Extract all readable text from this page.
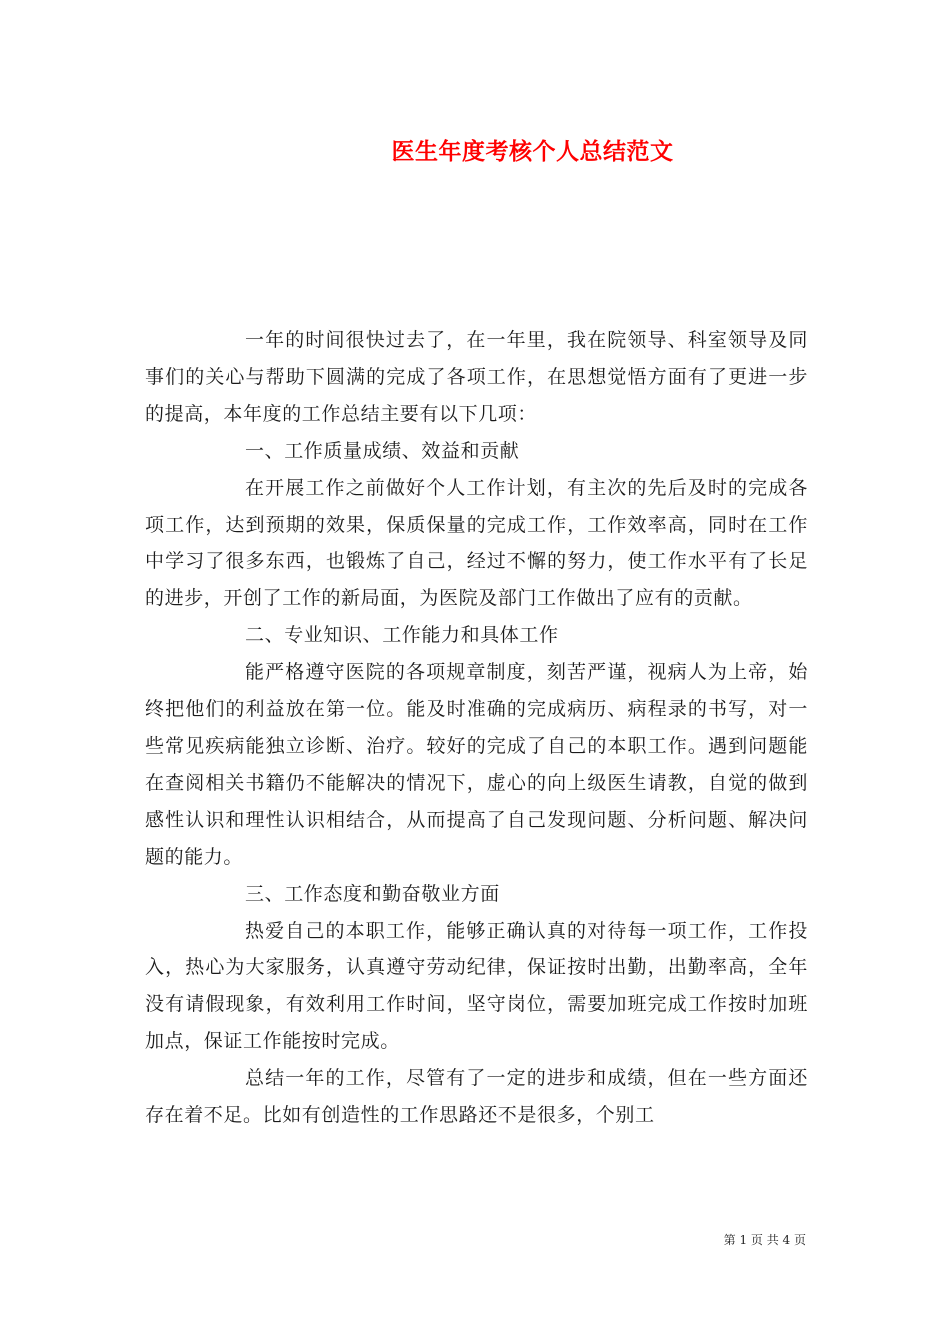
医生年度考核个人总结范文

一年的时间很快过去了，在一年里，我在院领导、科室领导及同事们的关心与帮助下圆满的完成了各项工作，在思想觉悟方面有了更进一步的提高，本年度的工作总结主要有以下几项：

一、工作质量成绩、效益和贡献

在开展工作之前做好个人工作计划，有主次的先后及时的完成各项工作，达到预期的效果，保质保量的完成工作，工作效率高，同时在工作中学习了很多东西，也锻炼了自己，经过不懈的努力，使工作水平有了长足的进步，开创了工作的新局面，为医院及部门工作做出了应有的贡献。

二、专业知识、工作能力和具体工作

能严格遵守医院的各项规章制度，刻苦严谨，视病人为上帝，始终把他们的利益放在第一位。能及时准确的完成病历、病程录的书写，对一些常见疾病能独立诊断、治疗。较好的完成了自己的本职工作。遇到问题能在查阅相关书籍仍不能解决的情况下，虚心的向上级医生请教，自觉的做到感性认识和理性认识相结合，从而提高了自己发现问题、分析问题、解决问题的能力。

三、工作态度和勤奋敬业方面

热爱自己的本职工作，能够正确认真的对待每一项工作，工作投入，热心为大家服务，认真遵守劳动纪律，保证按时出勤，出勤率高，全年没有请假现象，有效利用工作时间，坚守岗位，需要加班完成工作按时加班加点，保证工作能按时完成。

总结一年的工作，尽管有了一定的进步和成绩，但在一些方面还存在着不足。比如有创造性的工作思路还不是很多，个别工

第 1 页 共 4 页
